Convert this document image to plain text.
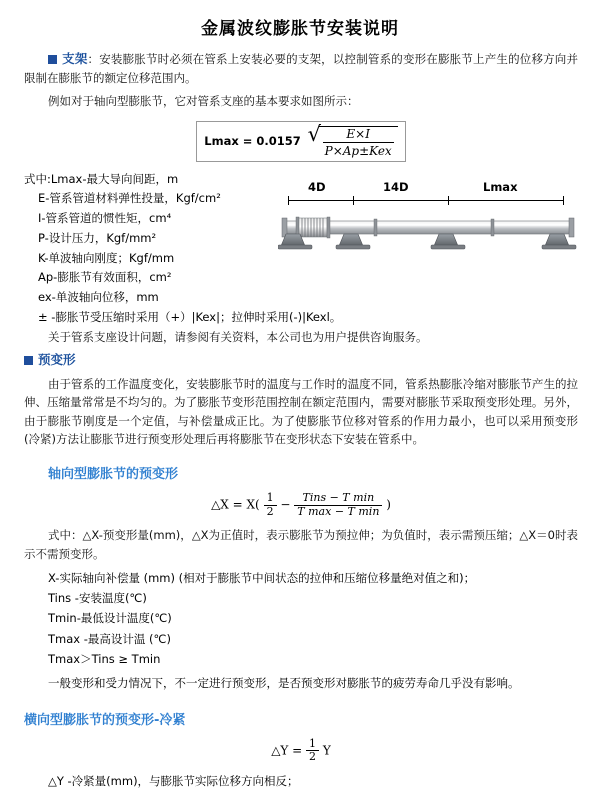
金属波纹膨胀节安装说明

支架：安装膨胀节时必须在管系上安装必要的支架，以控制管系的变形在膨胀节上产生的位移方向并限制在膨胀节的额定位移范围内。

例如对于轴向型膨胀节，它对管系支座的基本要求如图所示：

Lmax = 0.0157 √ $\frac{E\times I}{\text{P×Ap±Kex}}$
式中:Lmax-最大导向间距，m
E-管系管道材料弹性投量，Kgf/cm²
I-管系管道的惯性矩，cm⁴
P-设计压力，Kgf/mm²
K-单波轴向刚度；Kgf/mm
Ap-膨胀节有效面积，cm²
ex-单波轴向位移，mm
± -膨胀节受压缩时采用（+）|Kex|；拉伸时采用(-)|Kexl。
4D	14D	Lmax

关于管系支座设计问题，请参阅有关资料，本公司也为用户提供咨询服务。

预变形

由于管系的工作温度变化，安装膨胀节时的温度与工作时的温度不同，管系热膨胀冷缩对膨胀节产生的拉伸、压缩量常常是不均匀的。为了膨胀节变形范围控制在额定范围内，需要对膨胀节采取预变形处理。另外，由于膨胀节刚度是一个定值，与补偿量成正比。为了使膨胀节位移对管系的作用力最小，也可以采用预变形(冷紧)方法让膨胀节进行预变形处理后再将膨胀节在变形状态下安装在管系中。

轴向型膨胀节的预变形
△X = $X( \frac{1}{2}$ −
Tins − T min
T max − T min )

式中：△X-预变形量(mm)，△X为正值时，表示膨胀节为预拉伸；为负值时，表示需预压缩；△X＝0时表示不需预变形。

X-实际轴向补偿量 (mm) (相对于膨胀节中间状态的拉伸和压缩位移量绝对值之和)；
Tins -安装温度(℃)
Tmin-最低设计温度(℃)
Tmax -最高设计温 (℃)
Tmax＞Tins ≥ Tmin

一般变形和受力情况下，不一定进行预变形，是否预变形对膨胀节的疲劳寿命几乎没有影响。

横向型膨胀节的预变形-冷紧
△Y = $\frac{1}{2}$ Y

△Y -冷紧量(mm)，与膨胀节实际位移方向相反；
